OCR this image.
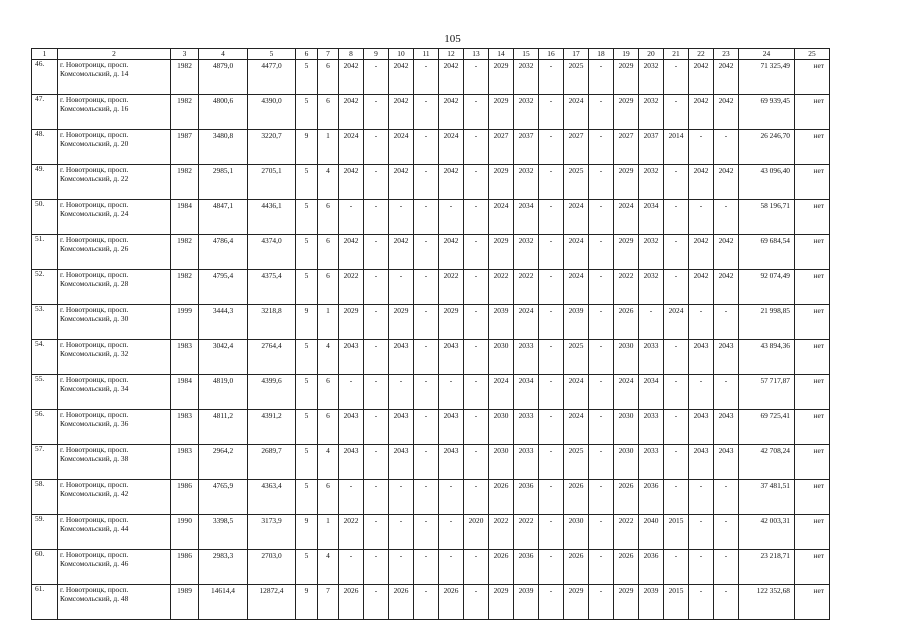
105
1	2	3	4	5	6	7	8	9	10	11	12	13	14	15	16	17	18	19	20	21	22	23	24	25
46.	г. Новотроицк, просп. Комсомольский, д. 14	1982	4879,0	4477,0	5	6	2042	-	2042	-	2042	-	2029	2032	-	2025	-	2029	2032	-	2042	2042	71 325,49	нет
47.	г. Новотроицк, просп. Комсомольский, д. 16	1982	4800,6	4390,0	5	6	2042	-	2042	-	2042	-	2029	2032	-	2024	-	2029	2032	-	2042	2042	69 939,45	нет
48.	г. Новотроицк, просп. Комсомольский, д. 20	1987	3480,8	3220,7	9	1	2024	-	2024	-	2024	-	2027	2037	-	2027	-	2027	2037	2014	-	-	26 246,70	нет
49.	г. Новотроицк, просп. Комсомольский, д. 22	1982	2985,1	2705,1	5	4	2042	-	2042	-	2042	-	2029	2032	-	2025	-	2029	2032	-	2042	2042	43 096,40	нет
50.	г. Новотроицк, просп. Комсомольский, д. 24	1984	4847,1	4436,1	5	6	-	-	-	-	-	-	2024	2034	-	2024	-	2024	2034	-	-	-	58 196,71	нет
51.	г. Новотроицк, просп. Комсомольский, д. 26	1982	4786,4	4374,0	5	6	2042	-	2042	-	2042	-	2029	2032	-	2024	-	2029	2032	-	2042	2042	69 684,54	нет
52.	г. Новотроицк, просп. Комсомольский, д. 28	1982	4795,4	4375,4	5	6	2022	-	-	-	2022	-	2022	2022	-	2024	-	2022	2032	-	2042	2042	92 074,49	нет
53.	г. Новотроицк, просп. Комсомольский, д. 30	1999	3444,3	3218,8	9	1	2029	-	2029	-	2029	-	2039	2024	-	2039	-	2026	-	2024	-	-	21 998,85	нет
54.	г. Новотроицк, просп. Комсомольский, д. 32	1983	3042,4	2764,4	5	4	2043	-	2043	-	2043	-	2030	2033	-	2025	-	2030	2033	-	2043	2043	43 894,36	нет
55.	г. Новотроицк, просп. Комсомольский, д. 34	1984	4819,0	4399,6	5	6	-	-	-	-	-	-	2024	2034	-	2024	-	2024	2034	-	-	-	57 717,87	нет
56.	г. Новотроицк, просп. Комсомольский, д. 36	1983	4811,2	4391,2	5	6	2043	-	2043	-	2043	-	2030	2033	-	2024	-	2030	2033	-	2043	2043	69 725,41	нет
57.	г. Новотроицк, просп. Комсомольский, д. 38	1983	2964,2	2689,7	5	4	2043	-	2043	-	2043	-	2030	2033	-	2025	-	2030	2033	-	2043	2043	42 708,24	нет
58.	г. Новотроицк, просп. Комсомольский, д. 42	1986	4765,9	4363,4	5	6	-	-	-	-	-	-	2026	2036	-	2026	-	2026	2036	-	-	-	37 481,51	нет
59.	г. Новотроицк, просп. Комсомольский, д. 44	1990	3398,5	3173,9	9	1	2022	-	-	-	-	2020	2022	2022	-	2030	-	2022	2040	2015	-	-	42 003,31	нет
60.	г. Новотроицк, просп. Комсомольский, д. 46	1986	2983,3	2703,0	5	4	-	-	-	-	-	-	2026	2036	-	2026	-	2026	2036	-	-	-	23 218,71	нет
61.	г. Новотроицк, просп. Комсомольский, д. 48	1989	14614,4	12872,4	9	7	2026	-	2026	-	2026	-	2029	2039	-	2029	-	2029	2039	2015	-	-	122 352,68	нет
